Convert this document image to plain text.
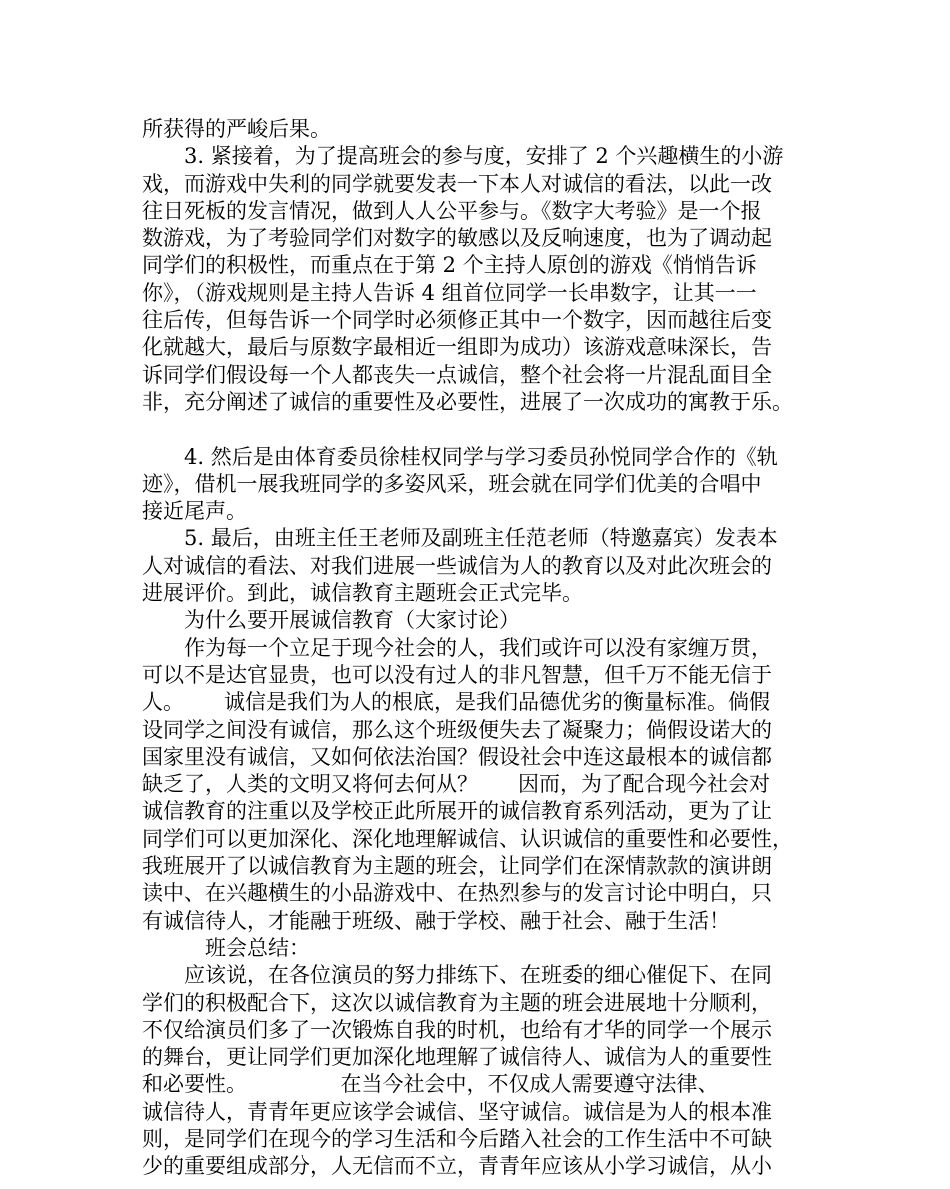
所获得的严峻后果。
3. 紧接着，为了提高班会的参与度，安排了 2 个兴趣横生的小游
戏，而游戏中失利的同学就要发表一下本人对诚信的看法，以此一改
往日死板的发言情况，做到人人公平参与。《数字大考验》是一个报
数游戏，为了考验同学们对数字的敏感以及反响速度，也为了调动起
同学们的积极性，而重点在于第 2 个主持人原创的游戏《悄悄告诉
你》，（游戏规则是主持人告诉 4 组首位同学一长串数字，让其一一
往后传，但每告诉一个同学时必须修正其中一个数字，因而越往后变
化就越大，最后与原数字最相近一组即为成功）该游戏意味深长，告
诉同学们假设每一个人都丧失一点诚信，整个社会将一片混乱面目全
非，充分阐述了诚信的重要性及必要性，进展了一次成功的寓教于乐。
4. 然后是由体育委员徐桂权同学与学习委员孙悦同学合作的《轨
迹》，借机一展我班同学的多姿风采，班会就在同学们优美的合唱中
接近尾声。
5. 最后，由班主任王老师及副班主任范老师（特邀嘉宾）发表本
人对诚信的看法、对我们进展一些诚信为人的教育以及对此次班会的
进展评价。到此，诚信教育主题班会正式完毕。
为什么要开展诚信教育（大家讨论）
作为每一个立足于现今社会的人，我们或许可以没有家缠万贯，
可以不是达官显贵，也可以没有过人的非凡智慧，但千万不能无信于
人。      诚信是我们为人的根底，是我们品德优劣的衡量标准。倘假
设同学之间没有诚信，那么这个班级便失去了凝聚力；倘假设诺大的
国家里没有诚信，又如何依法治国？假设社会中连这最根本的诚信都
缺乏了，人类的文明又将何去何从？      因而，为了配合现今社会对
诚信教育的注重以及学校正此所展开的诚信教育系列活动，更为了让
同学们可以更加深化、深化地理解诚信、认识诚信的重要性和必要性，
我班展开了以诚信教育为主题的班会，让同学们在深情款款的演讲朗
读中、在兴趣横生的小品游戏中、在热烈参与的发言讨论中明白，只
有诚信待人，才能融于班级、融于学校、融于社会、融于生活！
班会总结：
应该说，在各位演员的努力排练下、在班委的细心催促下、在同
学们的积极配合下，这次以诚信教育为主题的班会进展地十分顺利，
不仅给演员们多了一次锻炼自我的时机，也给有才华的同学一个展示
的舞台，更让同学们更加深化地理解了诚信待人、诚信为人的重要性
和必要性。              在当今社会中，不仅成人需要遵守法律、
诚信待人，青青年更应该学会诚信、坚守诚信。诚信是为人的根本准
则，是同学们在现今的学习生活和今后踏入社会的工作生活中不可缺
少的重要组成部分，人无信而不立，青青年应该从小学习诚信，从小
